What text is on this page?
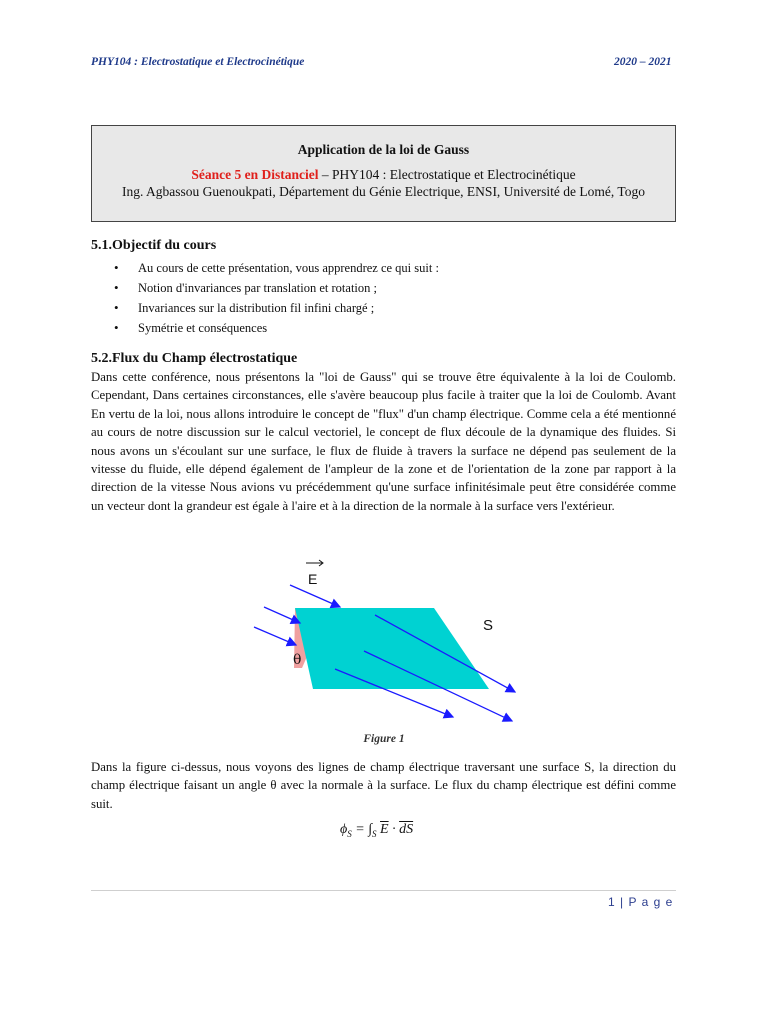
PHY104 : Electrostatique et Electrocinétique	2020 – 2021
Application de la loi de Gauss
Séance 5 en Distanciel – PHY104 : Electrostatique et Electrocinétique
Ing. Agbassou Guenoukpati, Département du Génie Electrique, ENSI, Université de Lomé, Togo
5.1.Objectif du cours
• Au cours de cette présentation, vous apprendrez ce qui suit :
• Notion d'invariances par translation et rotation ;
• Invariances sur la distribution fil infini chargé ;
• Symétrie et conséquences
5.2.Flux du Champ électrostatique

Dans cette conférence, nous présentons la "loi de Gauss" qui se trouve être équivalente à la loi de Coulomb. Cependant, Dans certaines circonstances, elle s'avère beaucoup plus facile à traiter que la loi de Coulomb. Avant En vertu de la loi, nous allons introduire le concept de "flux" d'un champ électrique. Comme cela a été mentionné au cours de notre discussion sur le calcul vectoriel, le concept de flux découle de la dynamique des fluides. Si nous avons un s'écoulant sur une surface, le flux de fluide à travers la surface ne dépend pas seulement de la vitesse du fluide, elle dépend également de l'ampleur de la zone et de l'orientation de la zone par rapport à la direction de la vitesse Nous avions vu précédemment qu'une surface infinitésimale peut être considérée comme un vecteur dont la grandeur est égale à l'aire et à la direction de la normale à la surface vers l'extérieur.

E
S
θ
Figure 1

Dans la figure ci-dessus, nous voyons des lignes de champ électrique traversant une surface S, la direction du champ électrique faisant un angle θ avec la normale à la surface. Le flux du champ électrique est défini comme suit.

$\phi_S = \int_S$ $\overline{E} \cdot \overline{dS}$
1 | P a g e
